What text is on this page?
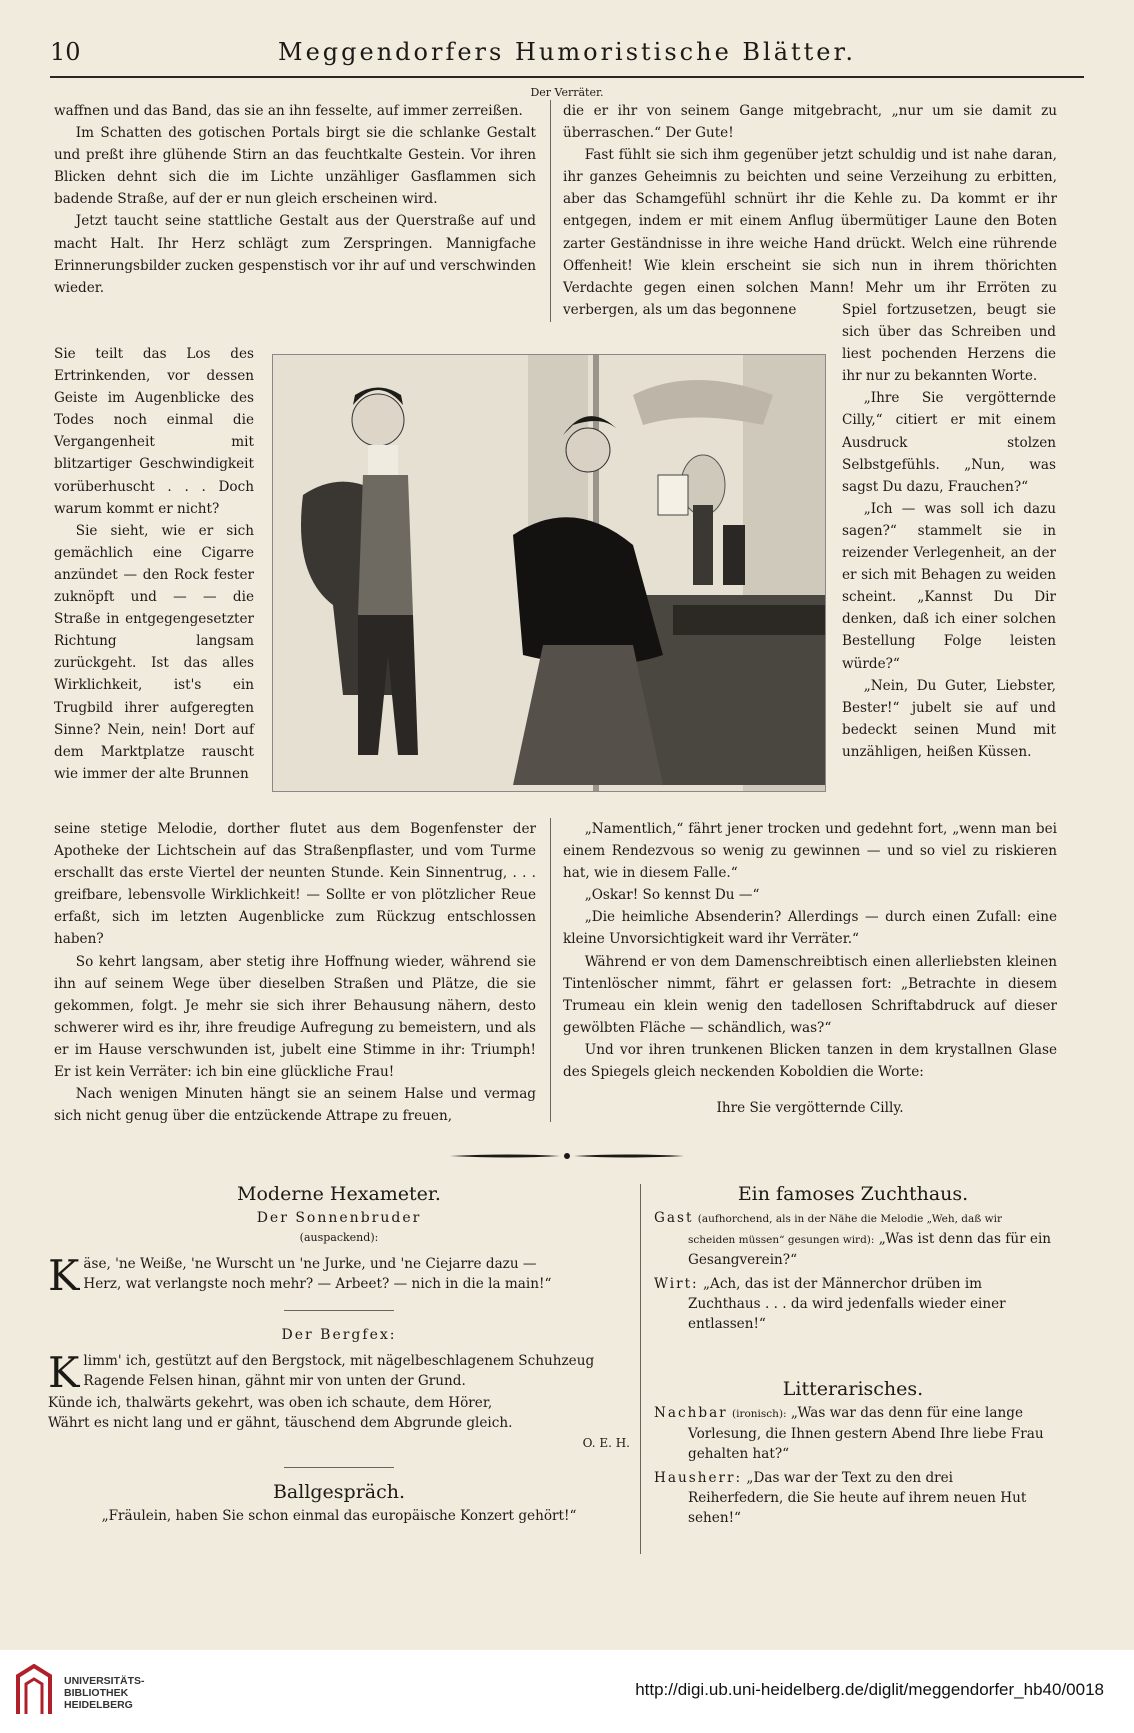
10	Meggendorfers Humoristische Blätter.
Der Verräter.

waffnen und das Band, das sie an ihn fesselte, auf immer zerreißen.

Im Schatten des gotischen Portals birgt sie die schlanke Gestalt und preßt ihre glühende Stirn an das feuchtkalte Gestein. Vor ihren Blicken dehnt sich die im Lichte unzähliger Gasflammen sich badende Straße, auf der er nun gleich erscheinen wird.

Jetzt taucht seine stattliche Gestalt aus der Querstraße auf und macht Halt. Ihr Herz schlägt zum Zerspringen. Mannigfache Erinnerungsbilder zucken gespenstisch vor ihr auf und verschwinden wieder.

die er ihr von seinem Gange mitgebracht, „nur um sie damit zu überraschen.“ Der Gute!

Fast fühlt sie sich ihm gegenüber jetzt schuldig und ist nahe daran, ihr ganzes Geheimnis zu beichten und seine Verzeihung zu erbitten, aber das Schamgefühl schnürt ihr die Kehle zu. Da kommt er ihr entgegen, indem er mit einem Anflug übermütiger Laune den Boten zarter Geständnisse in ihre weiche Hand drückt. Welch eine rührende Offenheit! Wie klein erscheint sie sich nun in ihrem thörichten Verdachte gegen einen solchen Mann! Mehr um ihr Erröten zu verbergen, als um das begonnene

Sie teilt das Los des Ertrinkenden, vor dessen Geiste im Augenblicke des Todes noch einmal die Vergangenheit mit blitzartiger Geschwindigkeit vorüberhuscht . . . Doch warum kommt er nicht?

Sie sieht, wie er sich gemächlich eine Cigarre anzündet — den Rock fester zuknöpft und — — die Straße in entgegengesetzter Richtung langsam zurückgeht. Ist das alles Wirklichkeit, ist's ein Trugbild ihrer aufgeregten Sinne? Nein, nein! Dort auf dem Marktplatze rauscht wie immer der alte Brunnen

Spiel fortzusetzen, beugt sie sich über das Schreiben und liest pochenden Herzens die ihr nur zu bekannten Worte.

„Ihre Sie vergötternde Cilly,“ citiert er mit einem Ausdruck stolzen Selbstgefühls. „Nun, was sagst Du dazu, Frauchen?“

„Ich — was soll ich dazu sagen?“ stammelt sie in reizender Verlegenheit, an der er sich mit Behagen zu weiden scheint. „Kannst Du Dir denken, daß ich einer solchen Bestellung Folge leisten würde?“

„Nein, Du Guter, Liebster, Bester!“ jubelt sie auf und bedeckt seinen Mund mit unzähligen, heißen Küssen.

seine stetige Melodie, dorther flutet aus dem Bogenfenster der Apotheke der Lichtschein auf das Straßenpflaster, und vom Turme erschallt das erste Viertel der neunten Stunde. Kein Sinnentrug, . . . greifbare, lebensvolle Wirklichkeit! — Sollte er von plötzlicher Reue erfaßt, sich im letzten Augenblicke zum Rückzug entschlossen haben?

So kehrt langsam, aber stetig ihre Hoffnung wieder, während sie ihn auf seinem Wege über dieselben Straßen und Plätze, die sie gekommen, folgt. Je mehr sie sich ihrer Behausung nähern, desto schwerer wird es ihr, ihre freudige Aufregung zu bemeistern, und als er im Hause verschwunden ist, jubelt eine Stimme in ihr: Triumph! Er ist kein Verräter: ich bin eine glückliche Frau!

Nach wenigen Minuten hängt sie an seinem Halse und vermag sich nicht genug über die entzückende Attrape zu freuen,

„Namentlich,“ fährt jener trocken und gedehnt fort, „wenn man bei einem Rendezvous so wenig zu gewinnen — und so viel zu riskieren hat, wie in diesem Falle.“

„Oskar! So kennst Du —“

„Die heimliche Absenderin? Allerdings — durch einen Zufall: eine kleine Unvorsichtigkeit ward ihr Verräter.“

Während er von dem Damenschreibtisch einen allerliebsten kleinen Tintenlöscher nimmt, fährt er gelassen fort: „Betrachte in diesem Trumeau ein klein wenig den tadellosen Schriftabdruck auf dieser gewölbten Fläche — schändlich, was?“

Und vor ihren trunkenen Blicken tanzen in dem krystallnen Glase des Spiegels gleich neckenden Koboldien die Worte:

Ihre Sie vergötternde Cilly.

Moderne Hexameter.
Der Sonnenbruder
(auspackend):
K äse, 'ne Weiße, 'ne Wurscht un 'ne Jurke, und 'ne Ciejarre dazu —
Herz, wat verlangste noch mehr? — Arbeet? — nich in die la main!“
Der Bergfex:
K limm' ich, gestützt auf den Bergstock, mit nägelbeschlagenem Schuhzeug
Ragende Felsen hinan, gähnt mir von unten der Grund.
Künde ich, thalwärts gekehrt, was oben ich schaute, dem Hörer,
Währt es nicht lang und er gähnt, täuschend dem Abgrunde gleich.
O. E. H.
Ballgespräch.
„Fräulein, haben Sie schon einmal das europäische Konzert gehört!“
Ein famoses Zuchthaus.

Gast (aufhorchend, als in der Nähe die Melodie „Weh, daß wir scheiden müssen“ gesungen wird): „Was ist denn das für ein Gesangverein?“

Wirt: „Ach, das ist der Männerchor drüben im Zuchthaus . . . da wird jedenfalls wieder einer entlassen!“

Litterarisches.

Nachbar (ironisch): „Was war das denn für eine lange Vorlesung, die Ihnen gestern Abend Ihre liebe Frau gehalten hat?“

Hausherr: „Das war der Text zu den drei Reiherfedern, die Sie heute auf ihrem neuen Hut sehen!“

UNIVERSITÄTS-
BIBLIOTHEK
HEIDELBERG
http://digi.ub.uni-heidelberg.de/diglit/meggendorfer_hb40/0018
